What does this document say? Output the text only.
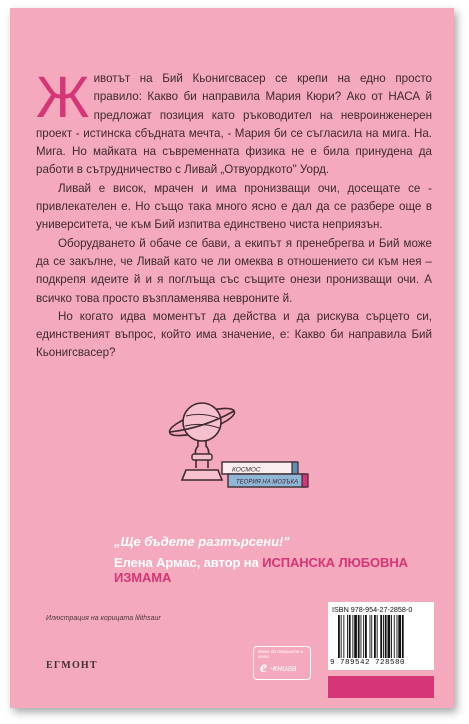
Животът на Бий Кьонигсвасер се крепи на едно просто правило: Какво би направила Мария Кюри? Ако от НАСА й предложат позиция като ръководител на невроинженерен проект - истинска сбъдната мечта, - Мария би се съгласила на мига. На. Мига. Но майката на съвременната физика не е била принудена да работи в сътрудничество с Ливай „Отвуордкото" Уорд.

Ливай е висок, мрачен и има пронизващи очи, досещате се - привлекателен е. Но също така много ясно е дал да се разбере още в университета, че към Бий изпитва единствено чиста неприязън.

Оборудването й обаче се бави, а екипът я пренебрегва и Бий може да се закълне, че Ливай като че ли омеква в отношението си към нея – подкрепя идеите й и я поглъща със същите онези пронизващи очи. А всичко това просто възпламенява невроните й.

Но когато идва моментът да действа и да рискува сърцето си, единственият въпрос, който има значение, е: Какво би направила Бий Кьонигсвасер?

КОСМОС
ТЕОРИЯ НА МОЗЪКА
„Ще бъдете разтърсени!"
Елена Армас, автор на ИСПАНСКА ЛЮБОВНА ИЗМАМА
Илюстрация на корицата lilithsaur
ЕГМОНТ
Може да откриете и като
e -книга
ISBN 978-954-27-2858-0
9 789542 728580
